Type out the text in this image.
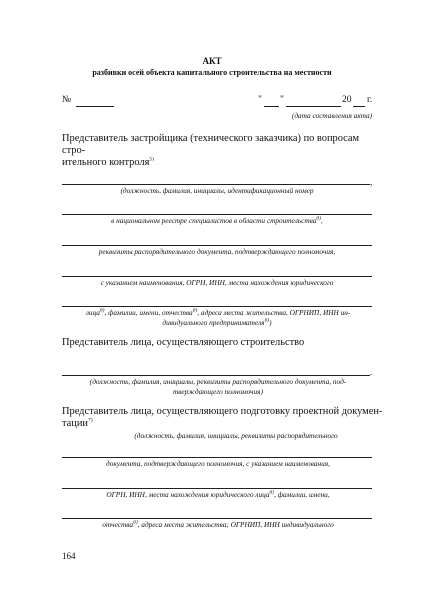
АКТ
разбивки осей объекта капитального строительства на местности
№	" "	20 г.
(дата составления акта)
Представитель застройщика (технического заказчика) по вопросам стро-
ительного контроля$^{5)}$
,
(должность, фамилия, инициалы, идентификационный номер
в национальном реестре специалистов в области строительства$^{6)}$,
реквизиты распорядительного документа, подтверждающего полномочия,
с указанием наименования, ОГРН, ИНН, места нахождения юридического
лица$^{6)}$, фамилии, имени, отчества$^{6)}$, адреса места жительства, ОГРНИП, ИНН ин-
дивидуального предпринимателя$^{6)}$)
Представитель лица, осуществляющего строительство
.
(должность, фамилия, инициалы, реквизиты распорядительного документа, под-
тверждающего полномочия)
Представитель лица, осуществляющего подготовку проектной докумен-
тации$^{7)}$
(должность, фамилия, инициалы, реквизиты распорядительного
документа, подтверждающего полномочия, с указанием наименования,
ОГРН, ИНН, места нахождения юридического лица$^{6)}$, фамилии, имени,
отчества$^{6)}$, адреса места жительства; ОГРНИП, ИНН индивидуального
164
